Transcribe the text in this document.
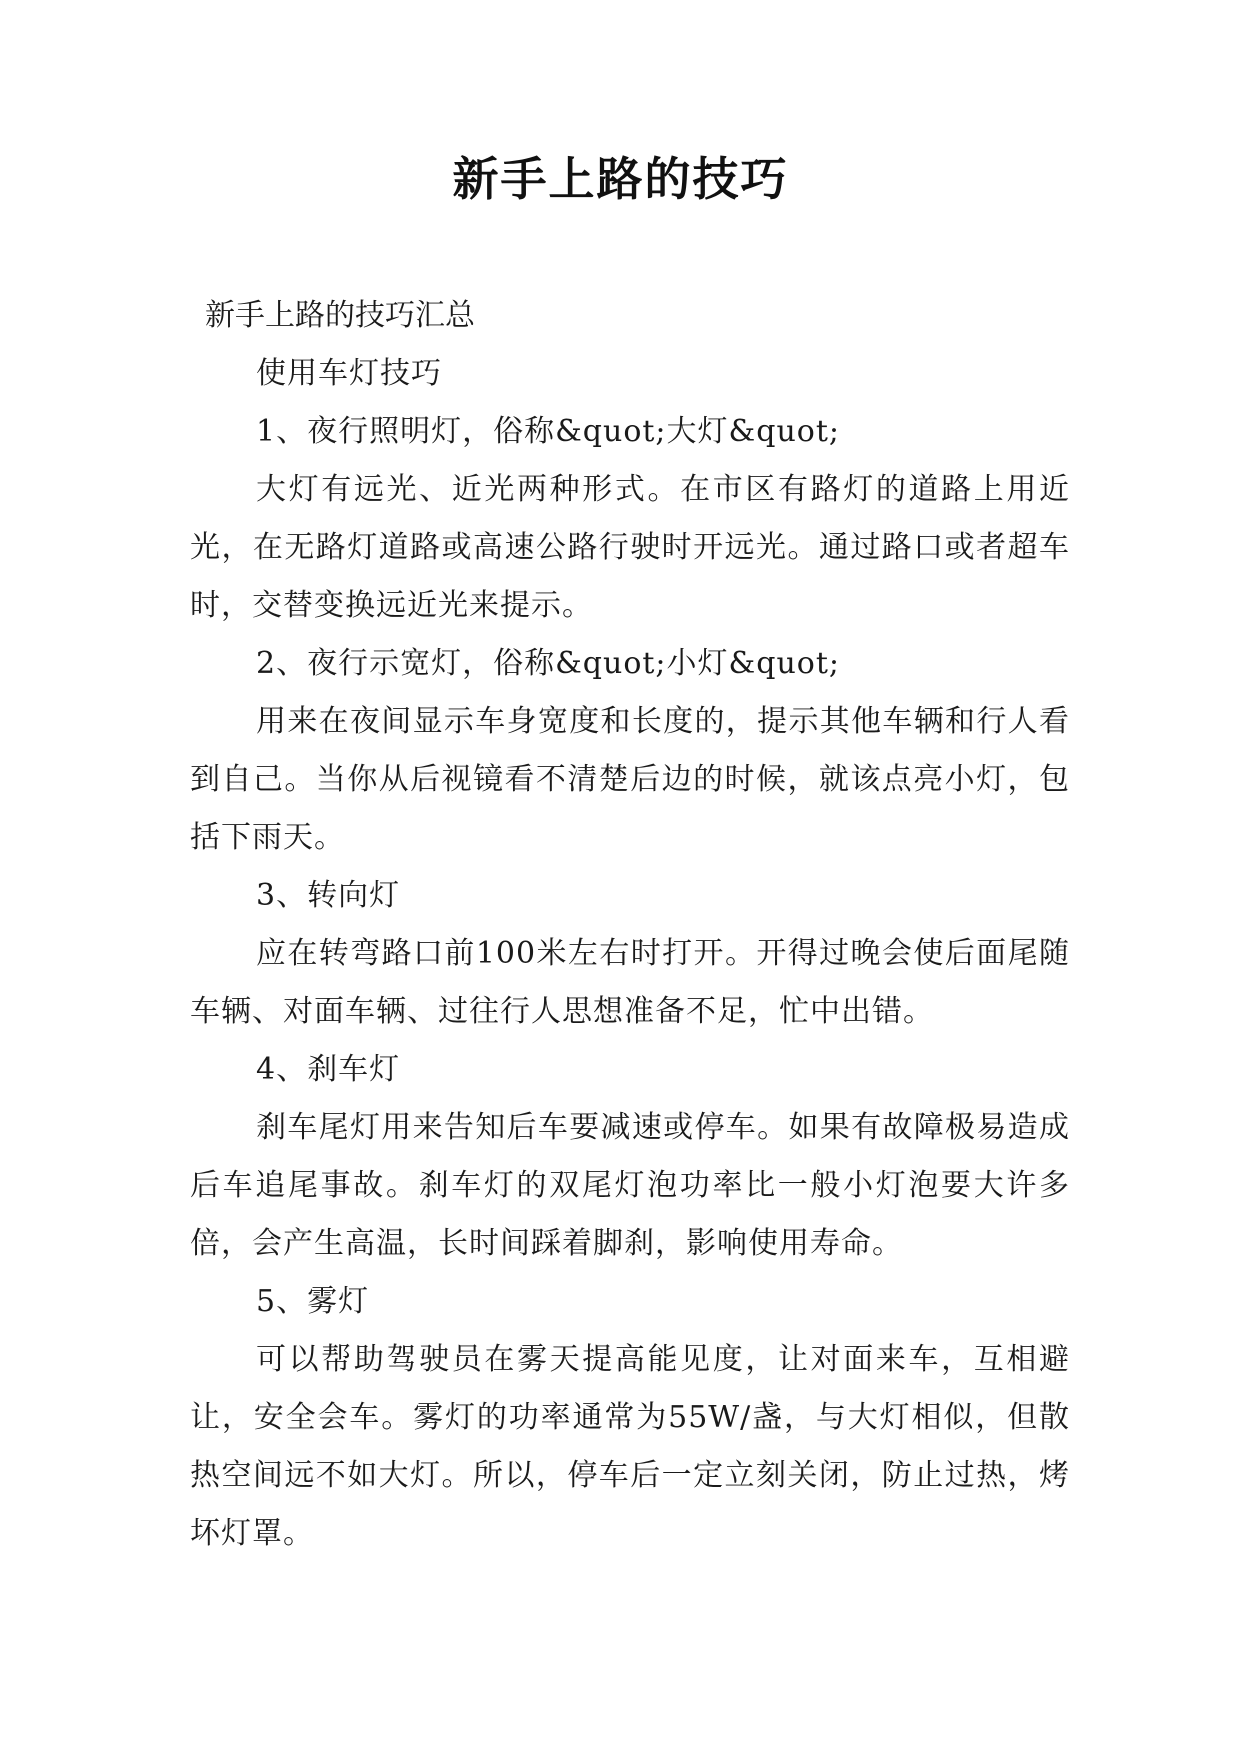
新手上路的技巧
新手上路的技巧汇总

使用车灯技巧

1、夜行照明灯，俗称&quot;大灯&quot;

大灯有远光、近光两种形式。在市区有路灯的道路上用近光，在无路灯道路或高速公路行驶时开远光。通过路口或者超车时，交替变换远近光来提示。

2、夜行示宽灯，俗称&quot;小灯&quot;

用来在夜间显示车身宽度和长度的，提示其他车辆和行人看到自己。当你从后视镜看不清楚后边的时候，就该点亮小灯，包括下雨天。

3、转向灯

应在转弯路口前100米左右时打开。开得过晚会使后面尾随车辆、对面车辆、过往行人思想准备不足，忙中出错。

4、刹车灯

刹车尾灯用来告知后车要减速或停车。如果有故障极易造成后车追尾事故。刹车灯的双尾灯泡功率比一般小灯泡要大许多倍，会产生高温，长时间踩着脚刹，影响使用寿命。

5、雾灯

可以帮助驾驶员在雾天提高能见度，让对面来车，互相避让，安全会车。雾灯的功率通常为55W/盏，与大灯相似，但散热空间远不如大灯。所以，停车后一定立刻关闭，防止过热，烤坏灯罩。
